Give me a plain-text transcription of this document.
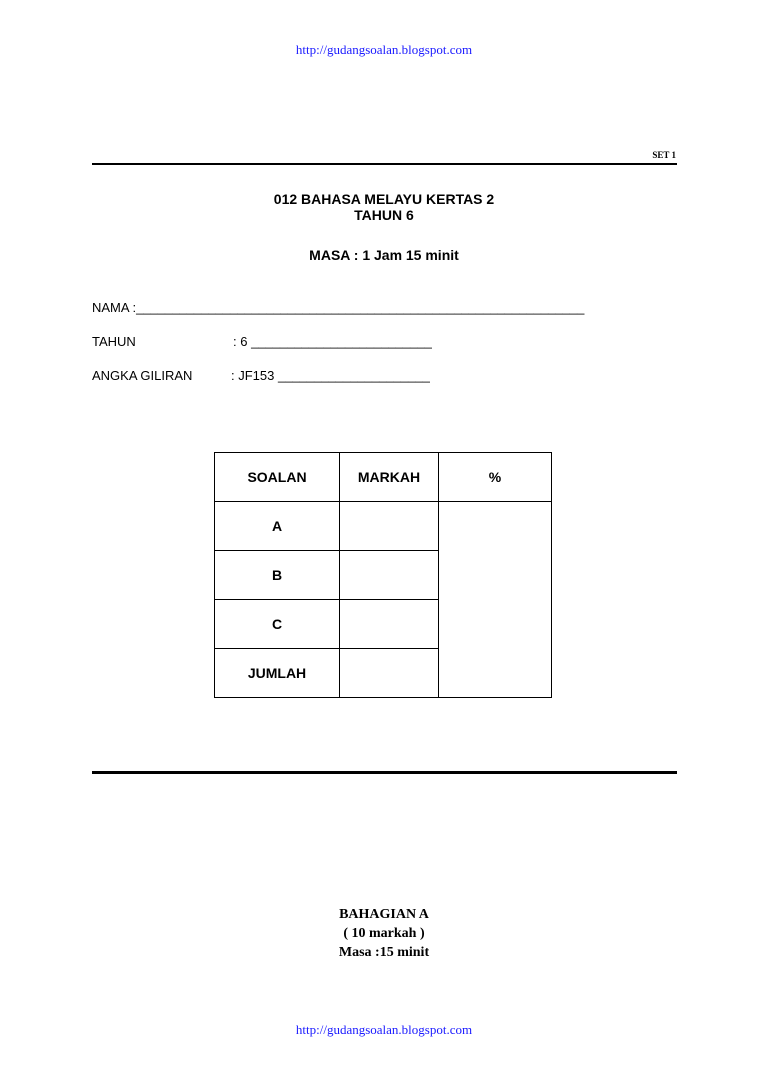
http://gudangsoalan.blogspot.com
SET 1
012 BAHASA MELAYU KERTAS 2
TAHUN 6
MASA : 1 Jam 15 minit
NAMA :______________________________________________________________
TAHUN	: 6 _________________________
ANGKA GILIRAN	: JF153 _____________________
SOALAN	MARKAH	%
A		
B		
C		
JUMLAH		
BAHAGIAN A
( 10 markah )
Masa :15 minit
http://gudangsoalan.blogspot.com
